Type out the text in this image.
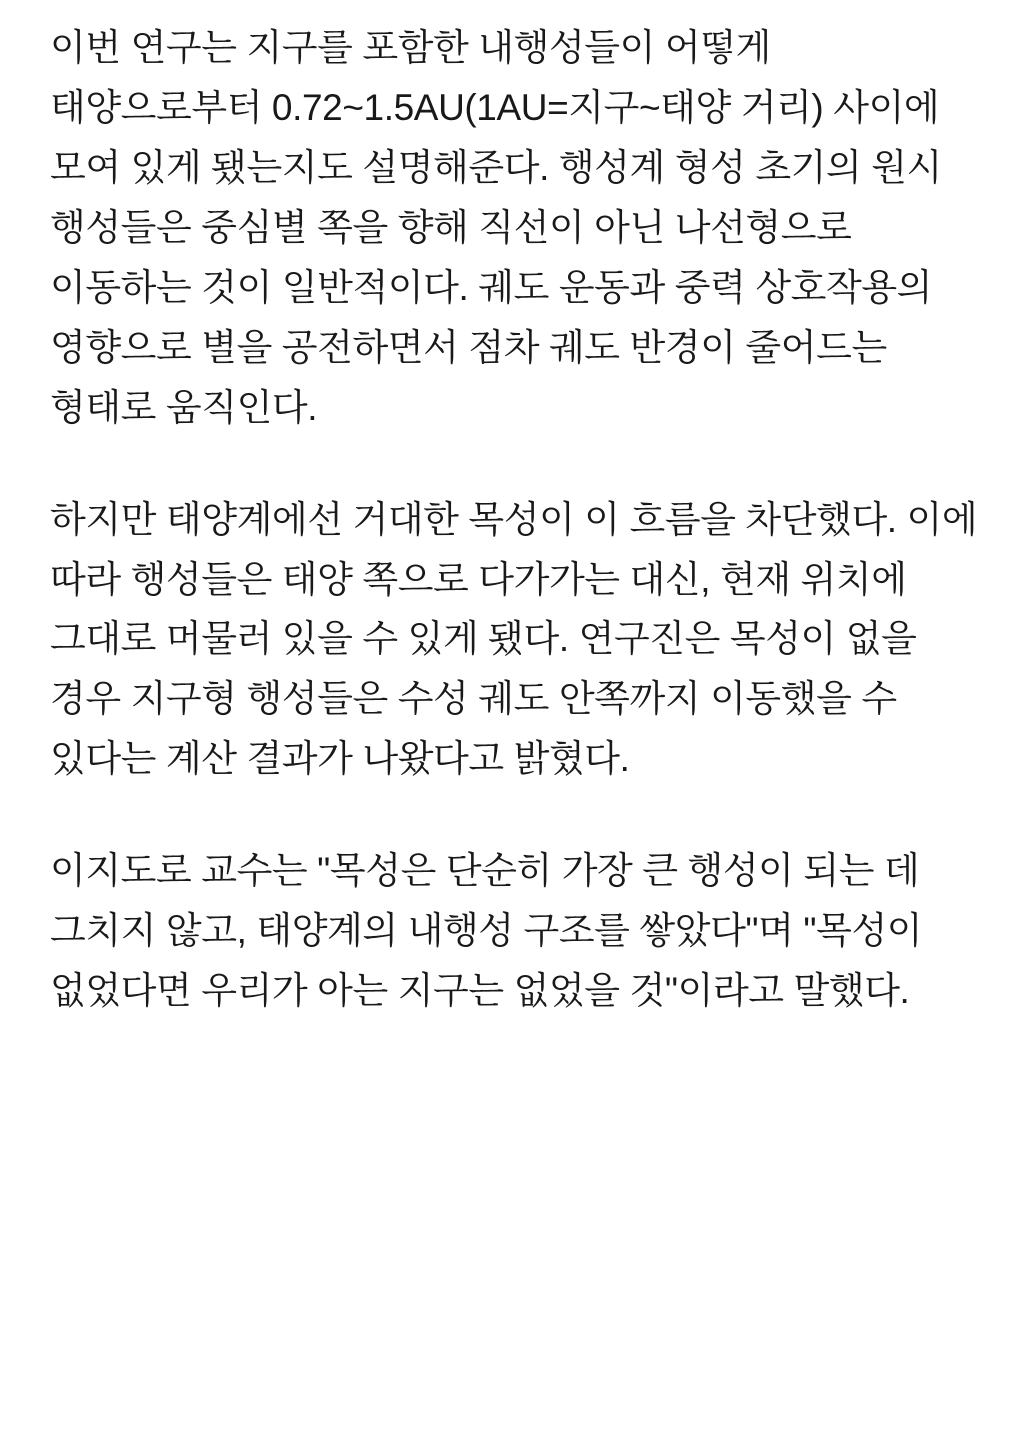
이번 연구는 지구를 포함한 내행성들이 어떻게 태양으로부터 0.72~1.5AU(1AU=지구~태양 거리) 사이에 모여 있게 됐는지도 설명해준다. 행성계 형성 초기의 원시 행성들은 중심별 쪽을 향해 직선이 아닌 나선형으로 이동하는 것이 일반적이다. 궤도 운동과 중력 상호작용의 영향으로 별을 공전하면서 점차 궤도 반경이 줄어드는 형태로 움직인다.

하지만 태양계에선 거대한 목성이 이 흐름을 차단했다. 이에 따라 행성들은 태양 쪽으로 다가가는 대신, 현재 위치에 그대로 머물러 있을 수 있게 됐다. 연구진은 목성이 없을 경우 지구형 행성들은 수성 궤도 안쪽까지 이동했을 수 있다는 계산 결과가 나왔다고 밝혔다.

이지도로 교수는 "목성은 단순히 가장 큰 행성이 되는 데 그치지 않고, 태양계의 내행성 구조를 쌓았다"며 "목성이 없었다면 우리가 아는 지구는 없었을 것"이라고 말했다.
